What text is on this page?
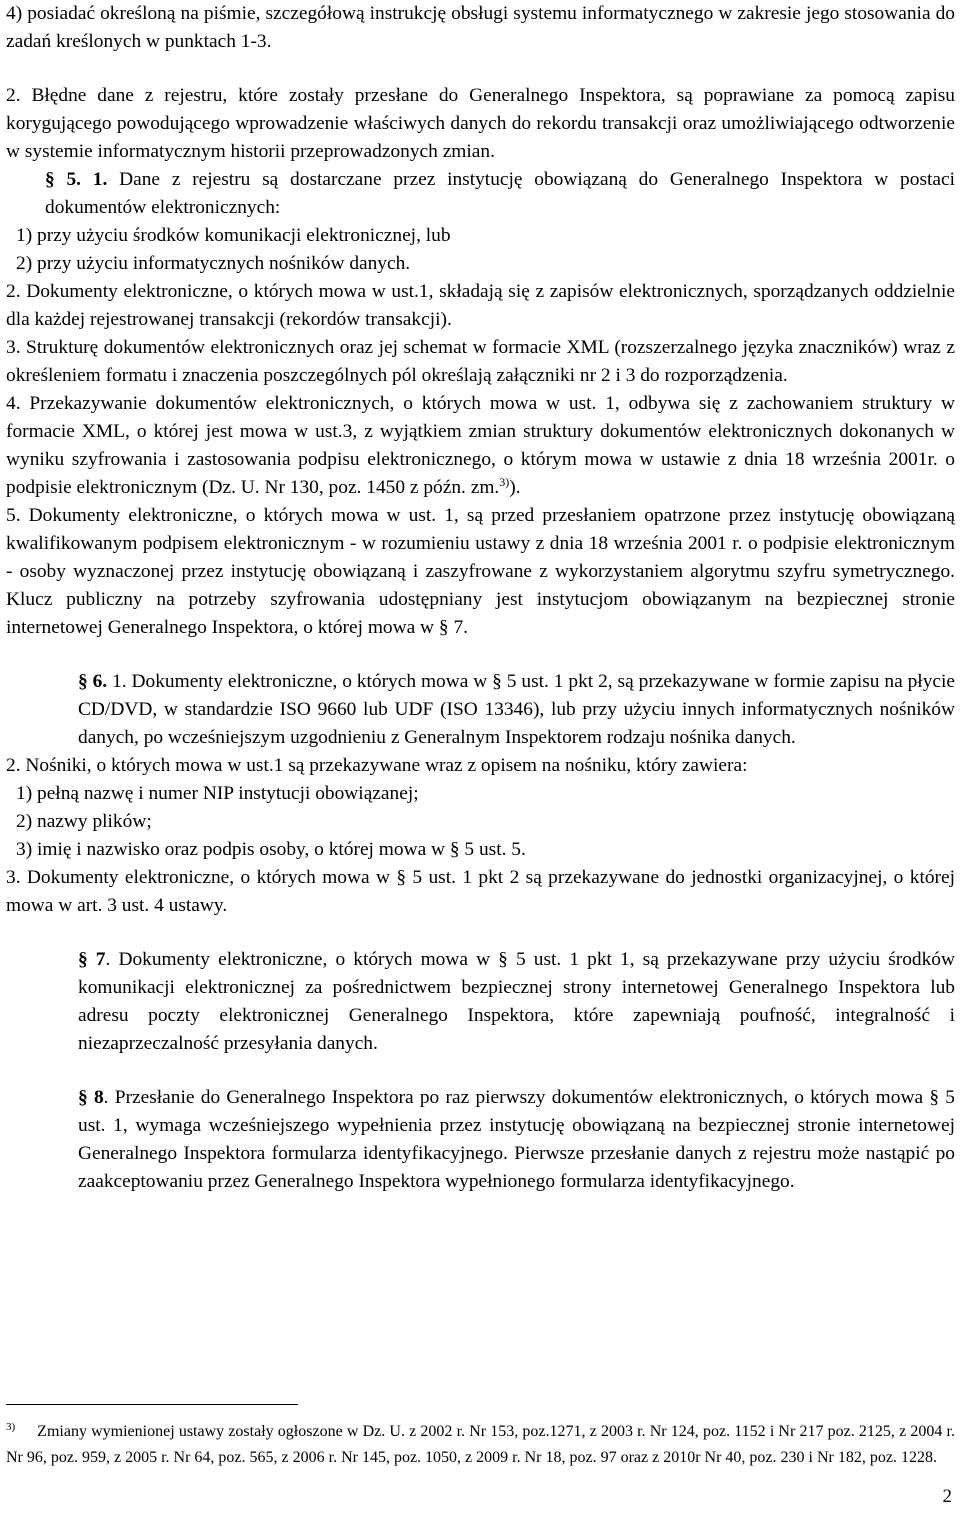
4) posiadać określoną na piśmie, szczegółową instrukcję obsługi systemu informatycznego w zakresie jego stosowania do zadań kreślonych w punktach 1-3.

2. Błędne dane z rejestru, które zostały przesłane do Generalnego Inspektora, są poprawiane za pomocą zapisu korygującego powodującego wprowadzenie właściwych danych do rekordu transakcji oraz umożliwiającego odtworzenie w systemie informatycznym historii przeprowadzonych zmian.

§ 5. 1. Dane z rejestru są dostarczane przez instytucję obowiązaną do Generalnego Inspektora w postaci dokumentów elektronicznych:

1) przy użyciu środków komunikacji elektronicznej, lub

2) przy użyciu informatycznych nośników danych.

2. Dokumenty elektroniczne, o których mowa w ust.1, składają się z zapisów elektronicznych, sporządzanych oddzielnie dla każdej rejestrowanej transakcji (rekordów transakcji).

3. Strukturę dokumentów elektronicznych oraz jej schemat w formacie XML (rozszerzalnego języka znaczników) wraz z określeniem formatu i znaczenia poszczególnych pól określają załączniki nr 2 i 3 do rozporządzenia.

4. Przekazywanie dokumentów elektronicznych, o których mowa w ust. 1, odbywa się z zachowaniem struktury w formacie XML, o której jest mowa w ust.3, z wyjątkiem zmian struktury dokumentów elektronicznych dokonanych w wyniku szyfrowania i zastosowania podpisu elektronicznego, o którym mowa w ustawie z dnia 18 września 2001r. o podpisie elektronicznym (Dz. U. Nr 130, poz. 1450 z późn. zm.$^{3)}$).

5. Dokumenty elektroniczne, o których mowa w ust. 1, są przed przesłaniem opatrzone przez instytucję obowiązaną kwalifikowanym podpisem elektronicznym - w rozumieniu ustawy z dnia 18 września 2001 r. o podpisie elektronicznym - osoby wyznaczonej przez instytucję obowiązaną i zaszyfrowane z wykorzystaniem algorytmu szyfru symetrycznego. Klucz publiczny na potrzeby szyfrowania udostępniany jest instytucjom obowiązanym na bezpiecznej stronie internetowej Generalnego Inspektora, o której mowa w § 7.

§ 6. 1. Dokumenty elektroniczne, o których mowa w § 5 ust. 1 pkt 2, są przekazywane w formie zapisu na płycie CD/DVD, w standardzie ISO 9660 lub UDF (ISO 13346), lub przy użyciu innych informatycznych nośników danych, po wcześniejszym uzgodnieniu z Generalnym Inspektorem rodzaju nośnika danych.

2. Nośniki, o których mowa w ust.1 są przekazywane wraz z opisem na nośniku, który zawiera:

1) pełną nazwę i numer NIP instytucji obowiązanej;

2) nazwy plików;

3) imię i nazwisko oraz podpis osoby, o której mowa w § 5 ust. 5.

3. Dokumenty elektroniczne, o których mowa w § 5 ust. 1 pkt 2 są przekazywane do jednostki organizacyjnej, o której mowa w art. 3 ust. 4 ustawy.

§ 7. Dokumenty elektroniczne, o których mowa w § 5 ust. 1 pkt 1, są przekazywane przy użyciu środków komunikacji elektronicznej za pośrednictwem bezpiecznej strony internetowej Generalnego Inspektora lub adresu poczty elektronicznej Generalnego Inspektora, które zapewniają poufność, integralność i niezaprzeczalność przesyłania danych.

§ 8. Przesłanie do Generalnego Inspektora po raz pierwszy dokumentów elektronicznych, o których mowa § 5 ust. 1, wymaga wcześniejszego wypełnienia przez instytucję obowiązaną na bezpiecznej stronie internetowej Generalnego Inspektora formularza identyfikacyjnego. Pierwsze przesłanie danych z rejestru może nastąpić po zaakceptowaniu przez Generalnego Inspektora wypełnionego formularza identyfikacyjnego.

$^{3)}$ Zmiany wymienionej ustawy zostały ogłoszone w Dz. U. z 2002 r. Nr 153, poz.1271, z 2003 r. Nr 124, poz. 1152 i Nr 217 poz. 2125, z 2004 r. Nr 96, poz. 959, z 2005 r. Nr 64, poz. 565, z 2006 r. Nr 145, poz. 1050, z 2009 r. Nr 18, poz. 97 oraz z 2010r Nr 40, poz. 230 i Nr 182, poz. 1228.
2
